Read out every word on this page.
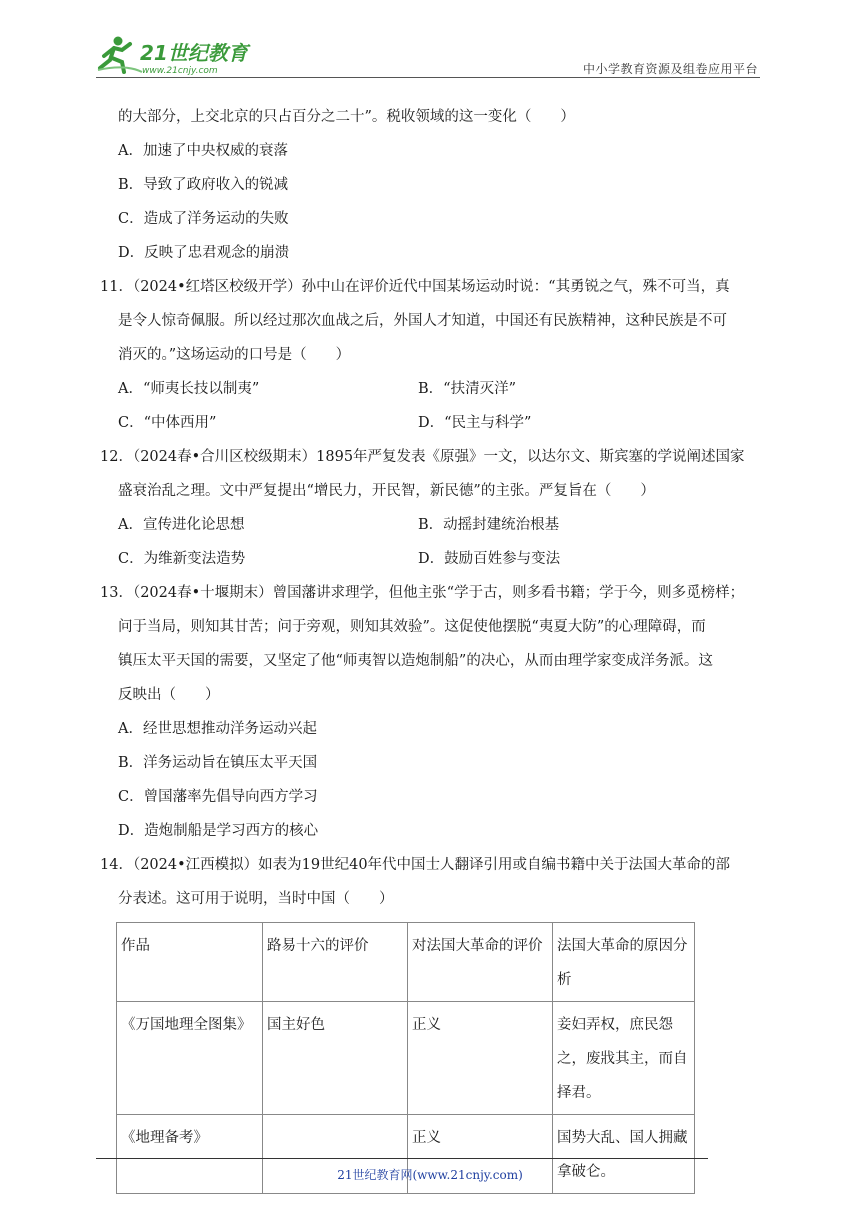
21世纪教育
www.21cnjy.com	中小学教育资源及组卷应用平台
的大部分，上交北京的只占百分之二十”。税收领域的这一变化（　　）
A．加速了中央权威的衰落
B．导致了政府收入的锐减
C．造成了洋务运动的失败
D．反映了忠君观念的崩溃
11．（2024•红塔区校级开学）孙中山在评价近代中国某场运动时说：“其勇锐之气，殊不可当，真
是令人惊奇佩服。所以经过那次血战之后，外国人才知道，中国还有民族精神，这种民族是不可
消灭的。”这场运动的口号是（　　）
A．“师夷长技以制夷”	B．“扶清灭洋”
C．“中体西用”	D．“民主与科学”
12．（2024春•合川区校级期末）1895年严复发表《原强》一文，以达尔文、斯宾塞的学说阐述国家
盛衰治乱之理。文中严复提出“增民力，开民智，新民德”的主张。严复旨在（　　）
A．宣传进化论思想	B．动摇封建统治根基
C．为维新变法造势	D．鼓励百姓参与变法
13．（2024春•十堰期末）曾国藩讲求理学，但他主张“学于古，则多看书籍；学于今，则多觅榜样；
问于当局，则知其甘苦；问于旁观，则知其效验”。这促使他摆脱“夷夏大防”的心理障碍，而
镇压太平天国的需要，又坚定了他“师夷智以造炮制船”的决心，从而由理学家变成洋务派。这
反映出（　　）
A．经世思想推动洋务运动兴起
B．洋务运动旨在镇压太平天国
C．曾国藩率先倡导向西方学习
D．造炮制船是学习西方的核心
14．（2024•江西模拟）如表为19世纪40年代中国士人翻译引用或自编书籍中关于法国大革命的部
分表述。这可用于说明，当时中国（　　）
作品	路易十六的评价	对法国大革命的评价	法国大革命的原因分析
《万国地理全图集》	国主好色	正义	妾妇弄权，庶民怨之，废戕其主，而自择君。
《地理备考》		正义	国势大乱、国人拥藏拿破仑。
21世纪教育网(www.21cnjy.com)
